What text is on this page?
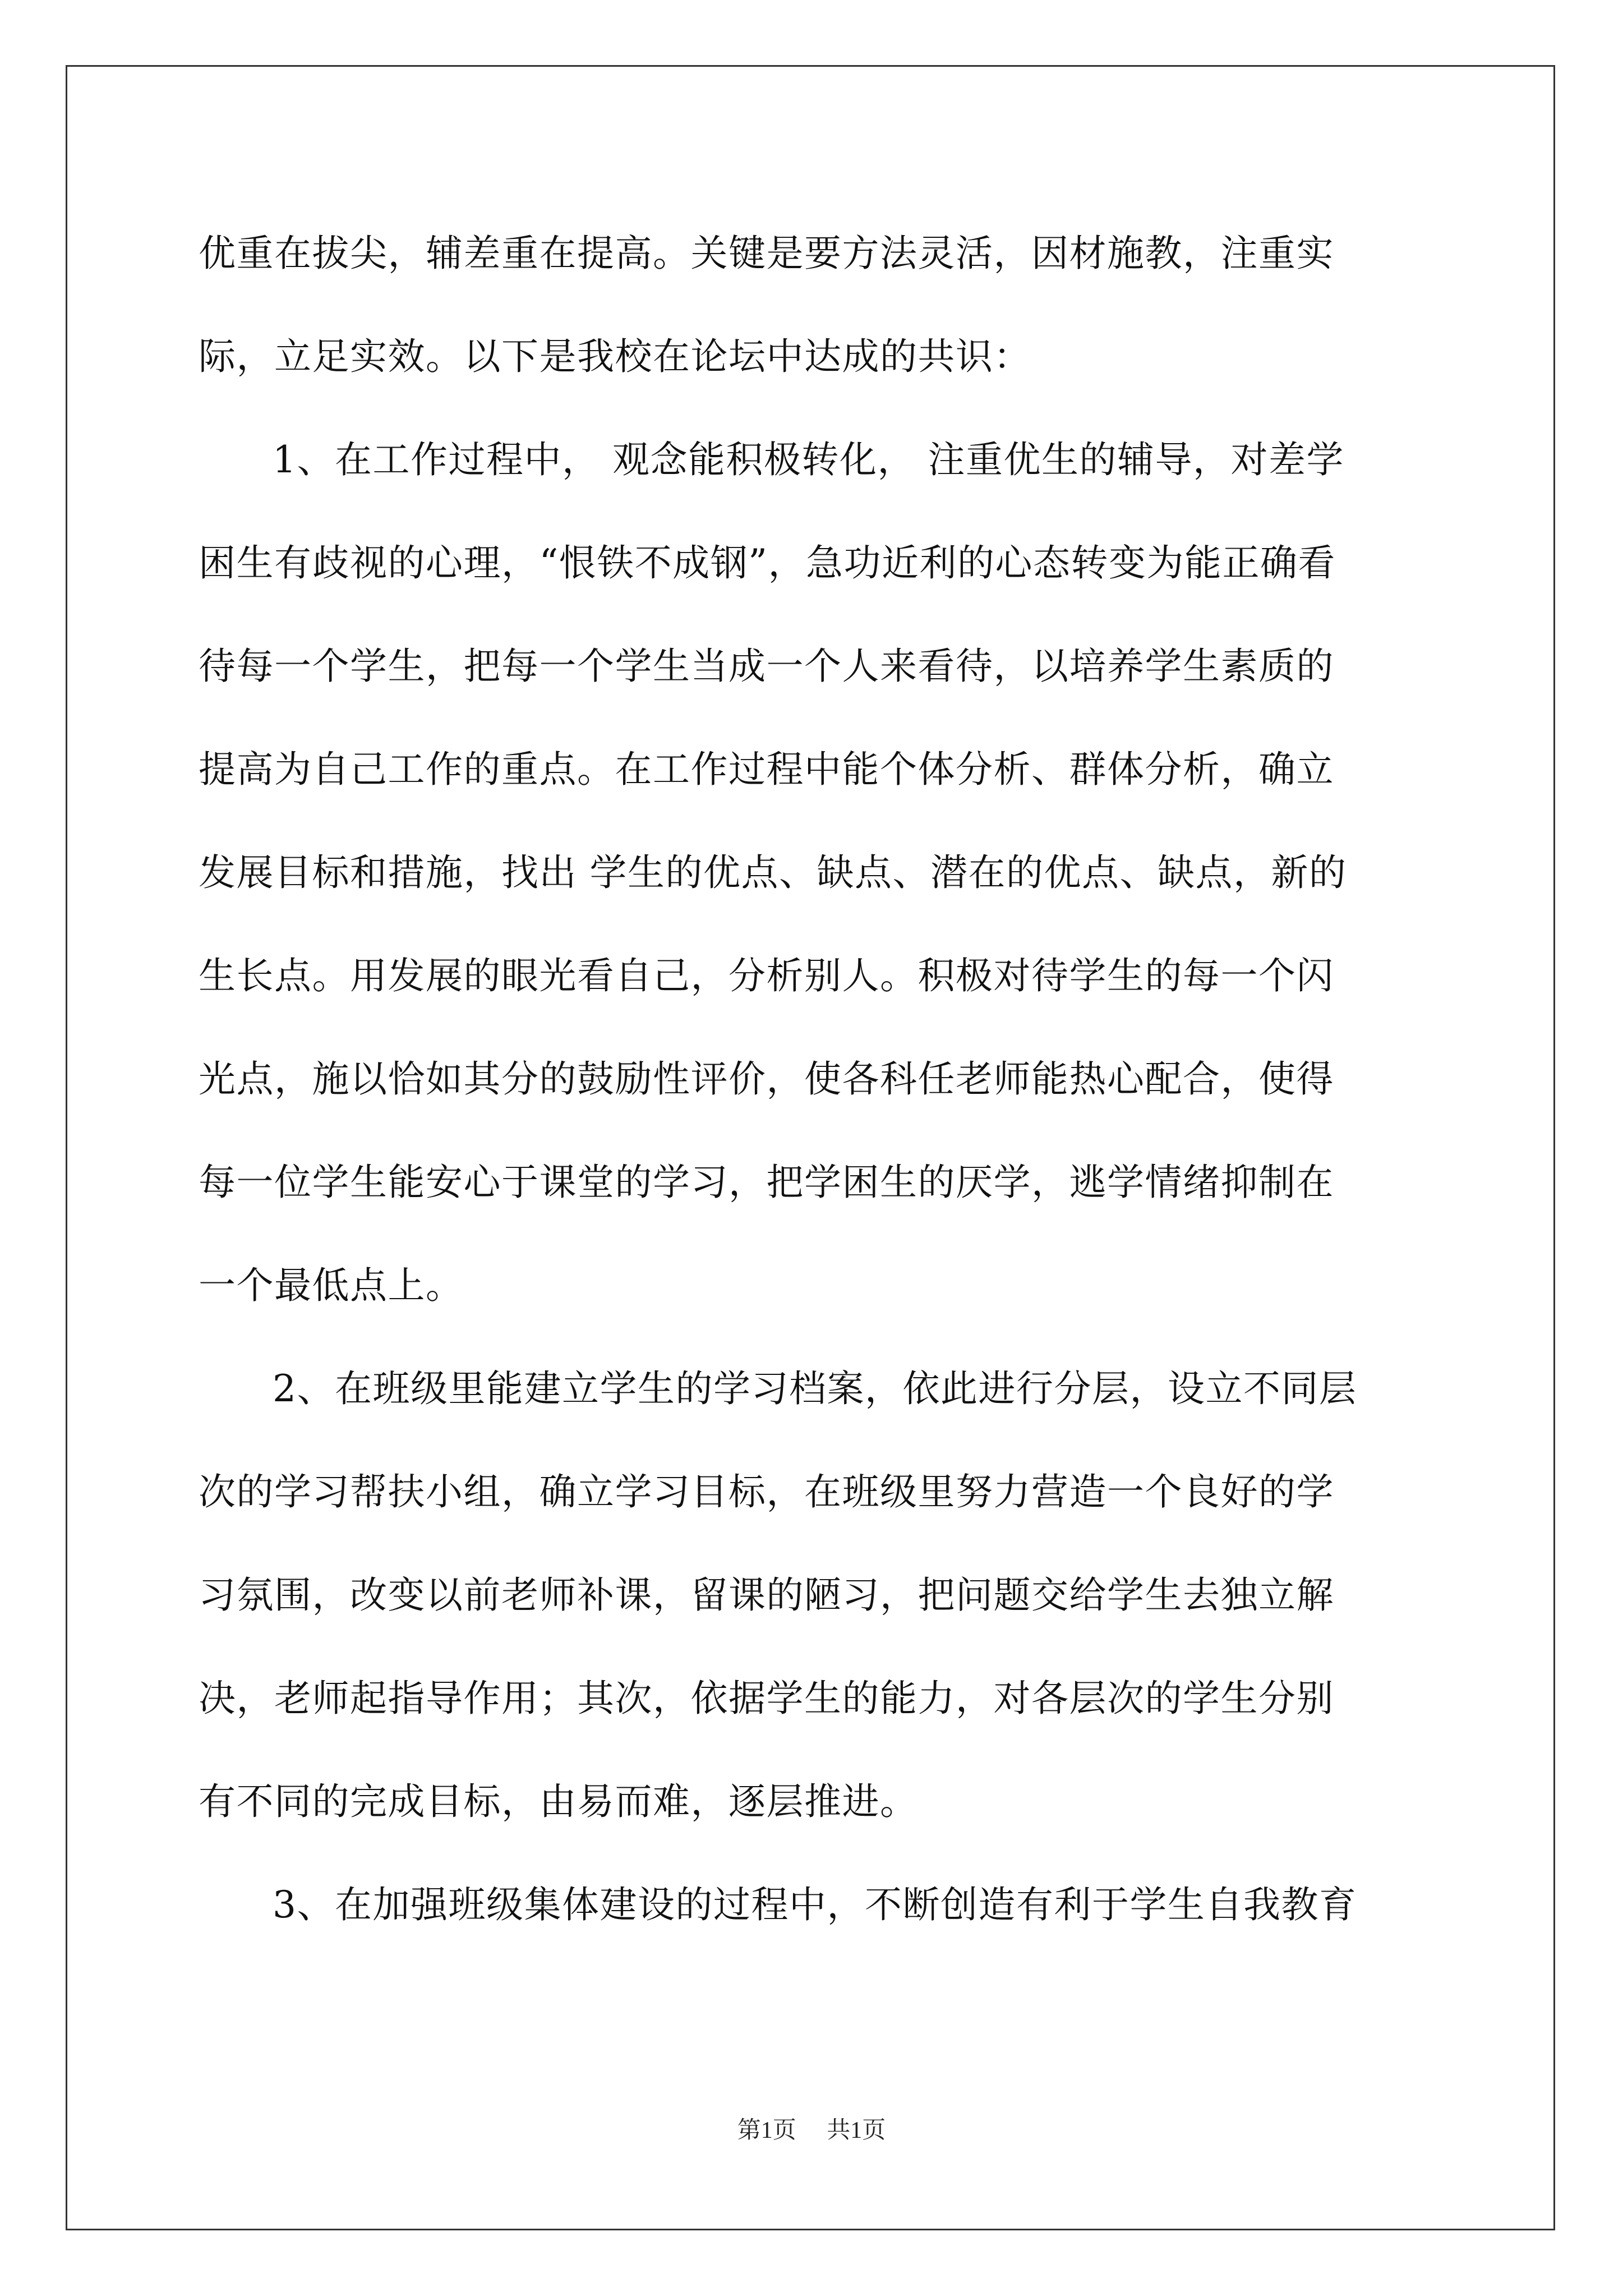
优重在拔尖，辅差重在提高。关键是要方法灵活，因材施教，注重实
际，立足实效。以下是我校在论坛中达成的共识：
1、在工作过程中， 观念能积极转化， 注重优生的辅导，对差学
困生有歧视的心理，“恨铁不成钢”，急功近利的心态转变为能正确看
待每一个学生，把每一个学生当成一个人来看待，以培养学生素质的
提高为自己工作的重点。在工作过程中能个体分析、群体分析，确立
发展目标和措施，找出 学生的优点、缺点、潜在的优点、缺点，新的
生长点。用发展的眼光看自己，分析别人。积极对待学生的每一个闪
光点，施以恰如其分的鼓励性评价，使各科任老师能热心配合，使得
每一位学生能安心于课堂的学习，把学困生的厌学，逃学情绪抑制在
一个最低点上。
2、在班级里能建立学生的学习档案，依此进行分层，设立不同层
次的学习帮扶小组，确立学习目标，在班级里努力营造一个良好的学
习氛围，改变以前老师补课，留课的陋习，把问题交给学生去独立解
决，老师起指导作用；其次，依据学生的能力，对各层次的学生分别
有不同的完成目标，由易而难，逐层推进。
3、在加强班级集体建设的过程中，不断创造有利于学生自我教育
第1页 共1页
